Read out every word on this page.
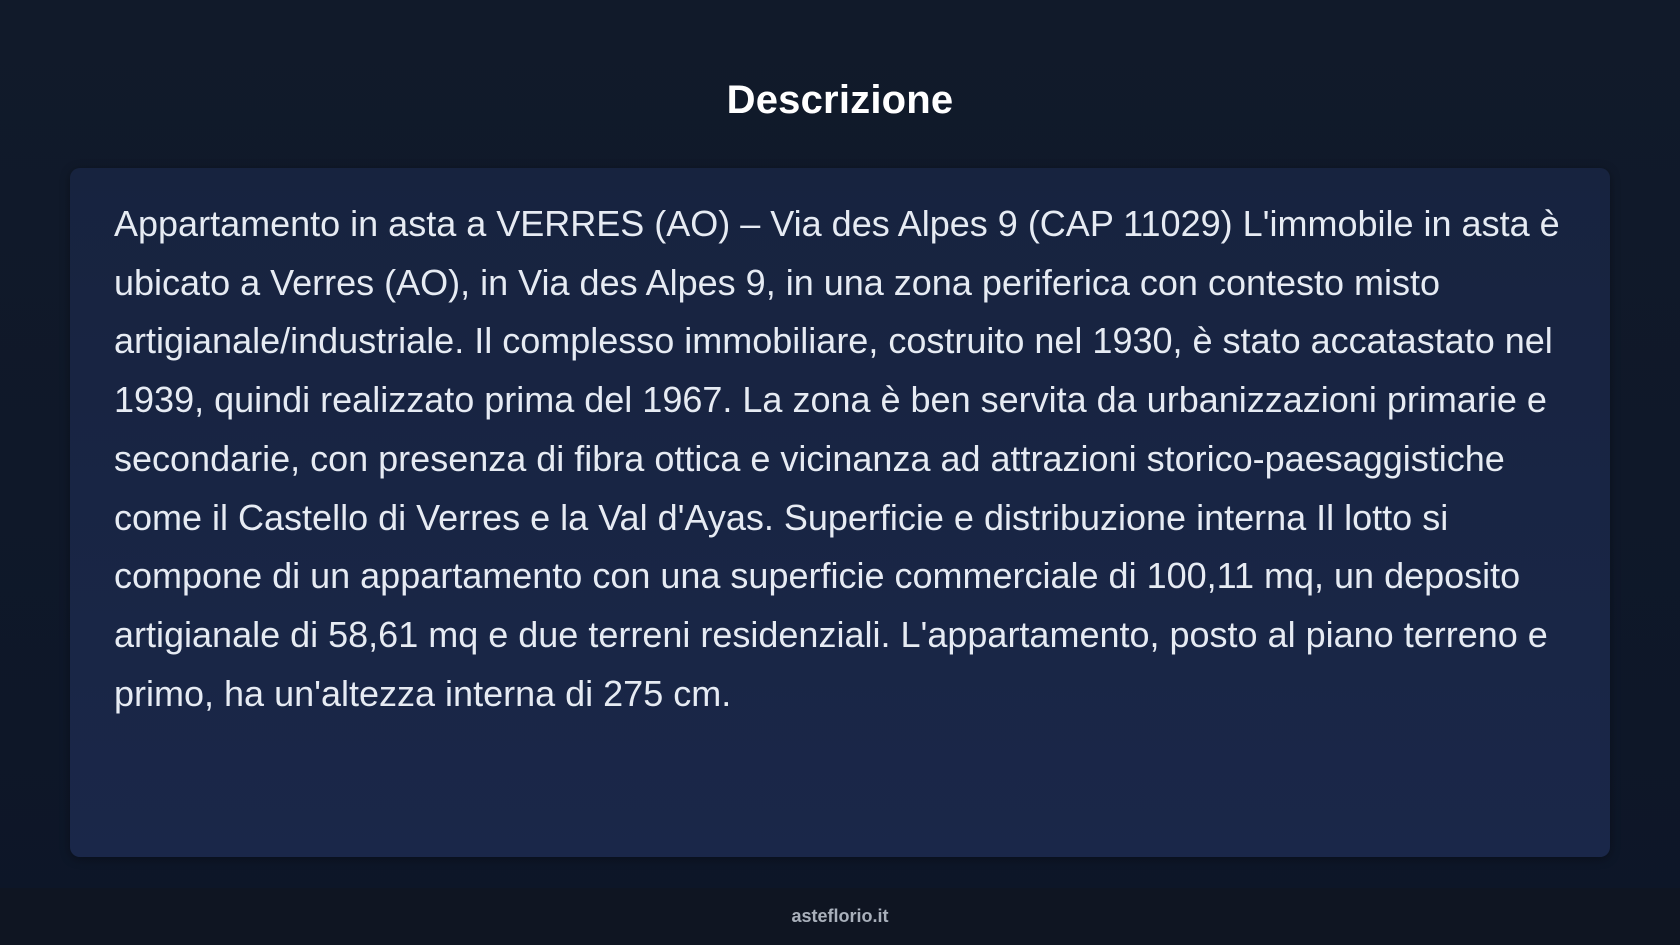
Descrizione

Appartamento in asta a VERRES (AO) – Via des Alpes 9 (CAP 11029) L'immobile in asta è ubicato a Verres (AO), in Via des Alpes 9, in una zona periferica con contesto misto artigianale/industriale. Il complesso immobiliare, costruito nel 1930, è stato accatastato nel 1939, quindi realizzato prima del 1967. La zona è ben servita da urbanizzazioni primarie e secondarie, con presenza di fibra ottica e vicinanza ad attrazioni storico-paesaggistiche come il Castello di Verres e la Val d'Ayas. Superficie e distribuzione interna Il lotto si compone di un appartamento con una superficie commerciale di 100,11 mq, un deposito artigianale di 58,61 mq e due terreni residenziali. L'appartamento, posto al piano terreno e primo, ha un'altezza interna di 275 cm.

asteflorio.it
